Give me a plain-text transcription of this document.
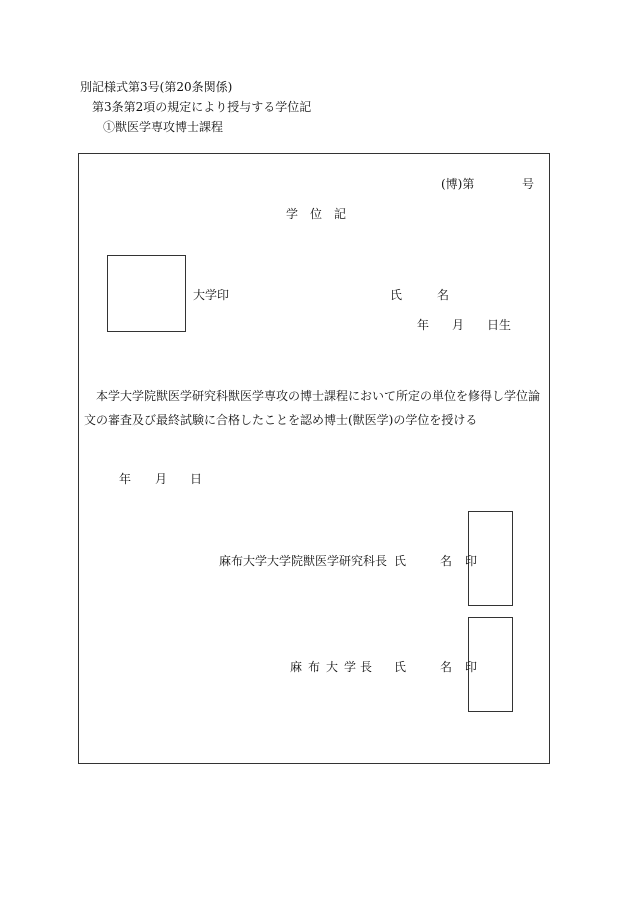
別記様式第3号(第20条関係)
第3条第2項の規定により授与する学位記
①獣医学専攻博士課程
(博)第	号
学 位 記
大学印	氏	名
年 月 日生
本学大学院獣医学研究科獣医学専攻の博士課程において所定の単位を修得し学位論文の審査及び最終試験に合格したことを認め博士(獣医学)の学位を授ける
年 月 日
麻布大学大学院獣医学研究科長 氏	名 印
麻 布 大 学 長 氏	名 印
